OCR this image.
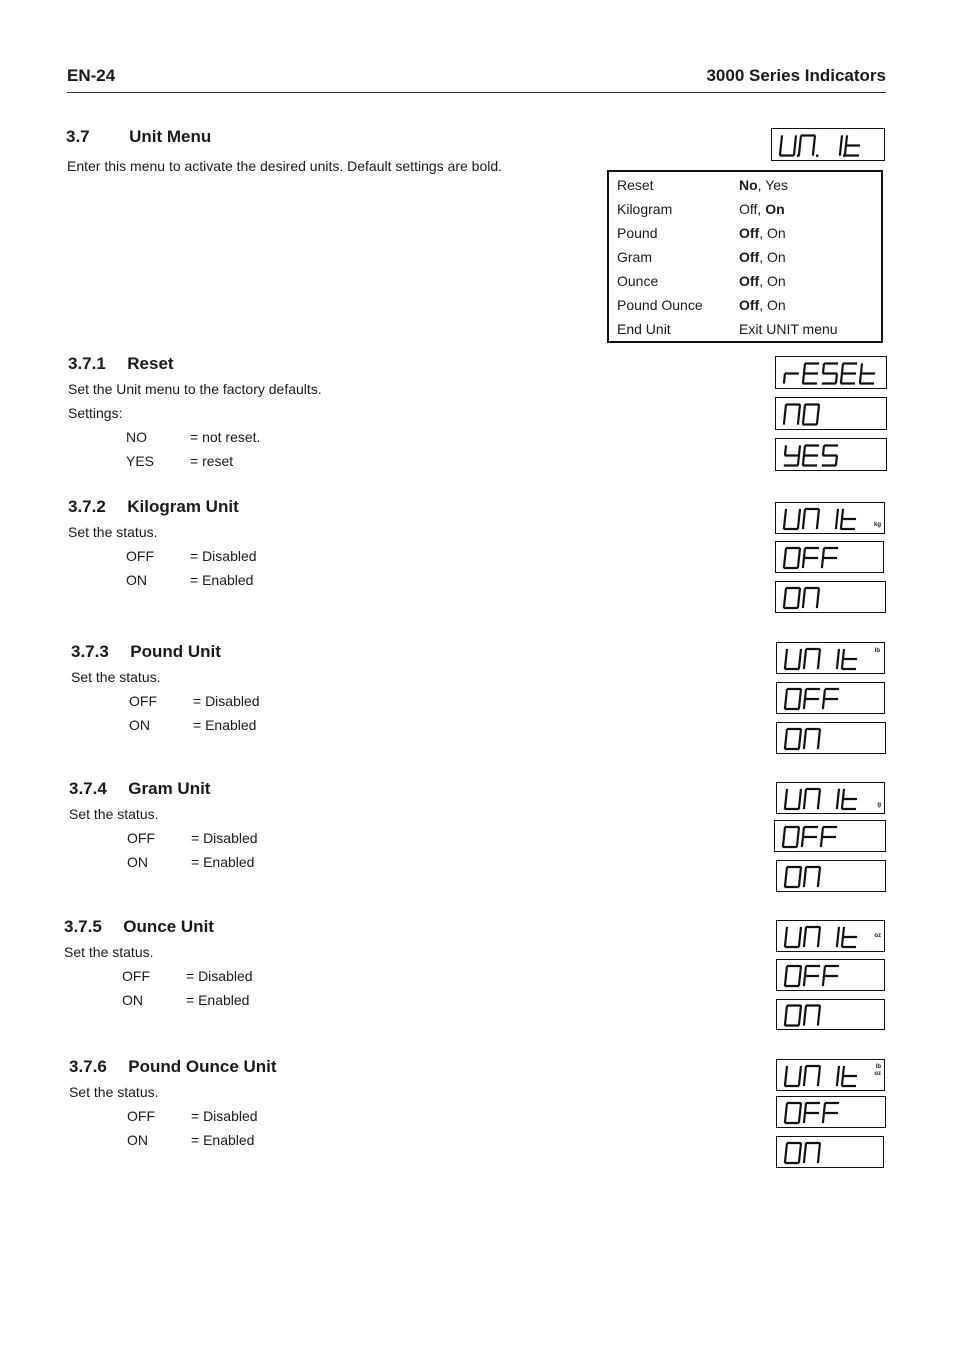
EN-24	3000 Series Indicators
3.7 Unit Menu
Enter this menu to activate the desired units. Default settings are bold.
Reset	No, Yes
Kilogram	Off, On
Pound	Off, On
Gram	Off, On
Ounce	Off, On
Pound Ounce	Off, On
End Unit	Exit UNIT menu
3.7.1 Reset
Set the Unit menu to the factory defaults.
Settings:
NO	= not reset.
YES	= reset
3.7.2 Kilogram Unit
Set the status.
OFF	= Disabled
ON	= Enabled
kg
3.7.3 Pound Unit
Set the status.
OFF	= Disabled
ON	= Enabled
lb
3.7.4 Gram Unit
Set the status.
OFF	= Disabled
ON	= Enabled
g
3.7.5 Ounce Unit
Set the status.
OFF	= Disabled
ON	= Enabled
oz
3.7.6 Pound Ounce Unit
Set the status.
OFF	= Disabled
ON	= Enabled
lb
oz
